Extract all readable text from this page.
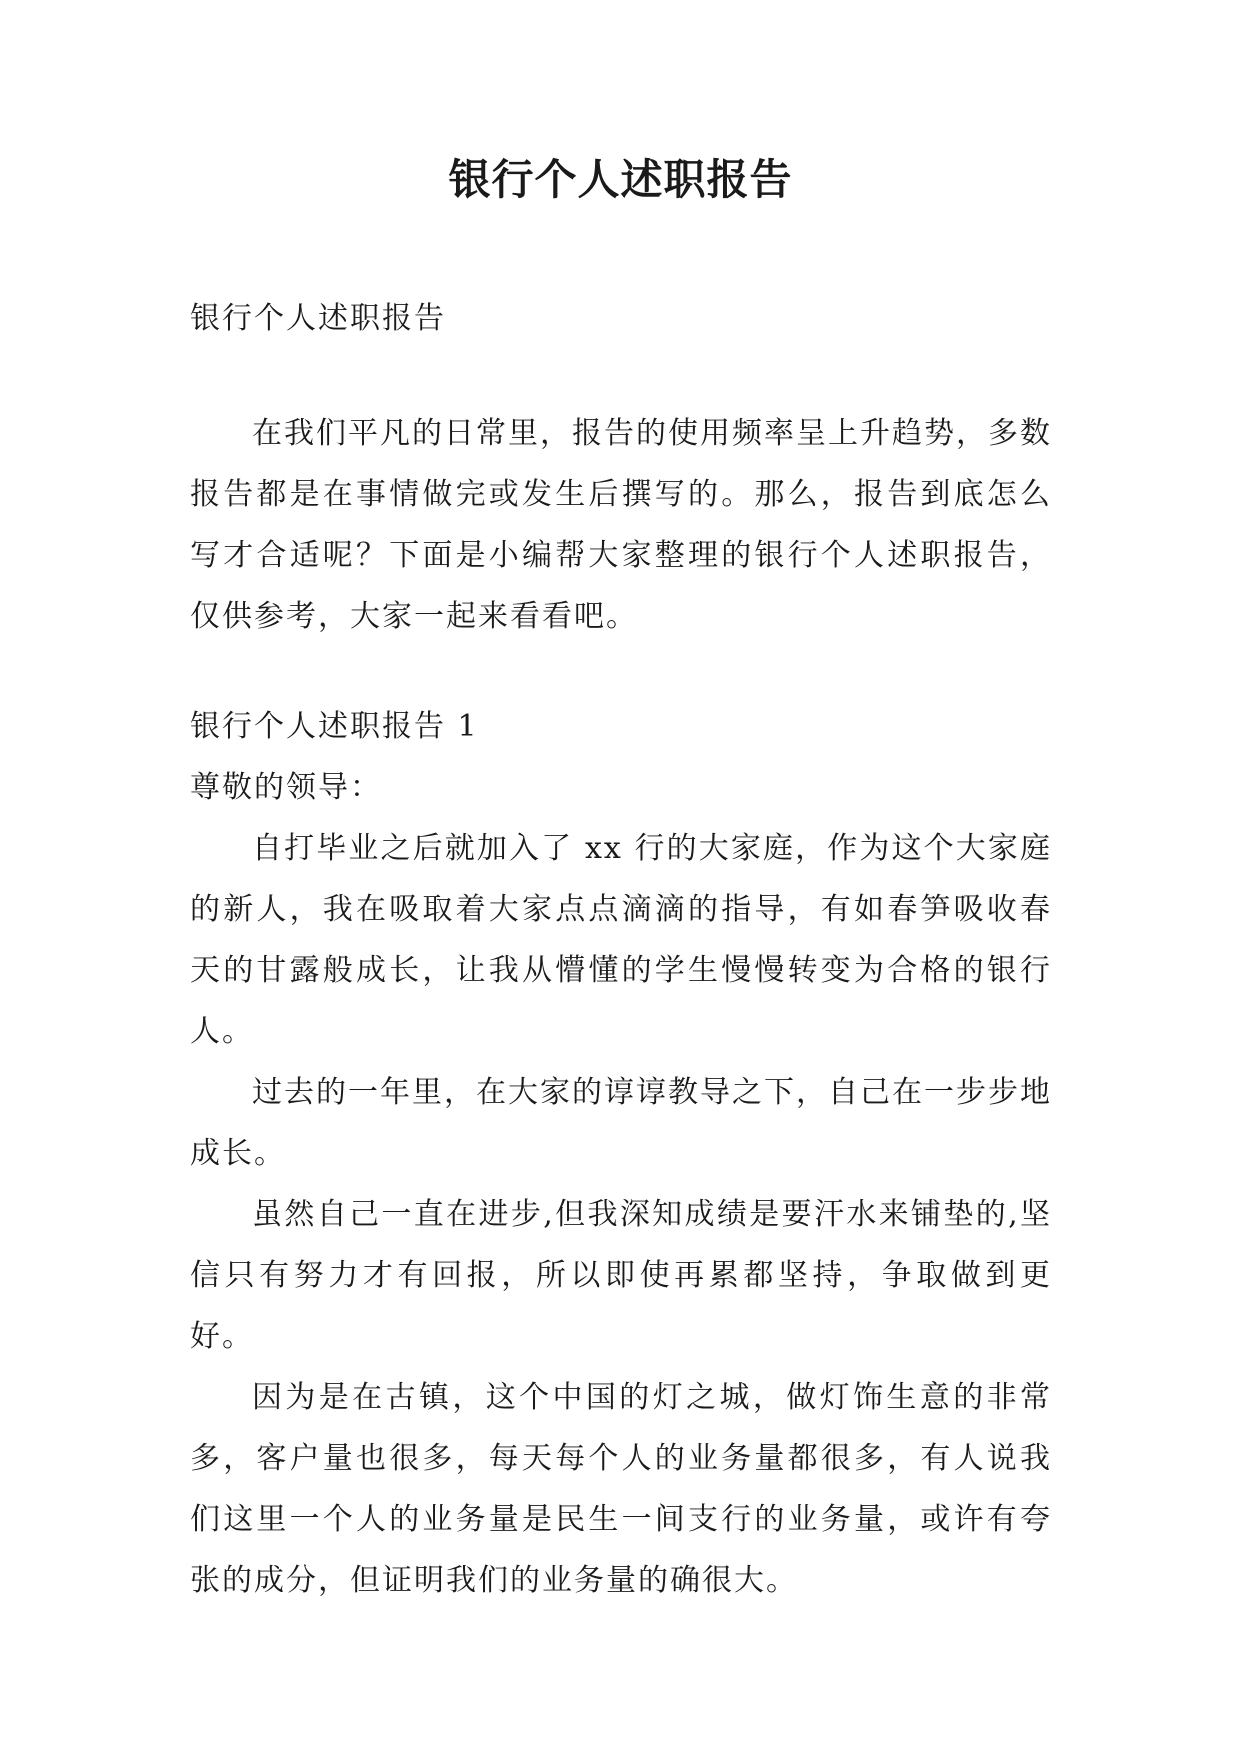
银行个人述职报告

银行个人述职报告

在我们平凡的日常里，报告的使用频率呈上升趋势，多数报告都是在事情做完或发生后撰写的。那么，报告到底怎么写才合适呢？下面是小编帮大家整理的银行个人述职报告，仅供参考，大家一起来看看吧。

银行个人述职报告 1

尊敬的领导：

自打毕业之后就加入了 xx 行的大家庭，作为这个大家庭的新人，我在吸取着大家点点滴滴的指导，有如春笋吸收春天的甘露般成长，让我从懵懂的学生慢慢转变为合格的银行人。

过去的一年里，在大家的谆谆教导之下，自己在一步步地成长。

虽然自己一直在进步,但我深知成绩是要汗水来铺垫的,坚信只有努力才有回报，所以即使再累都坚持，争取做到更好。

因为是在古镇，这个中国的灯之城，做灯饰生意的非常多，客户量也很多，每天每个人的业务量都很多，有人说我们这里一个人的业务量是民生一间支行的业务量，或许有夸张的成分，但证明我们的业务量的确很大。
